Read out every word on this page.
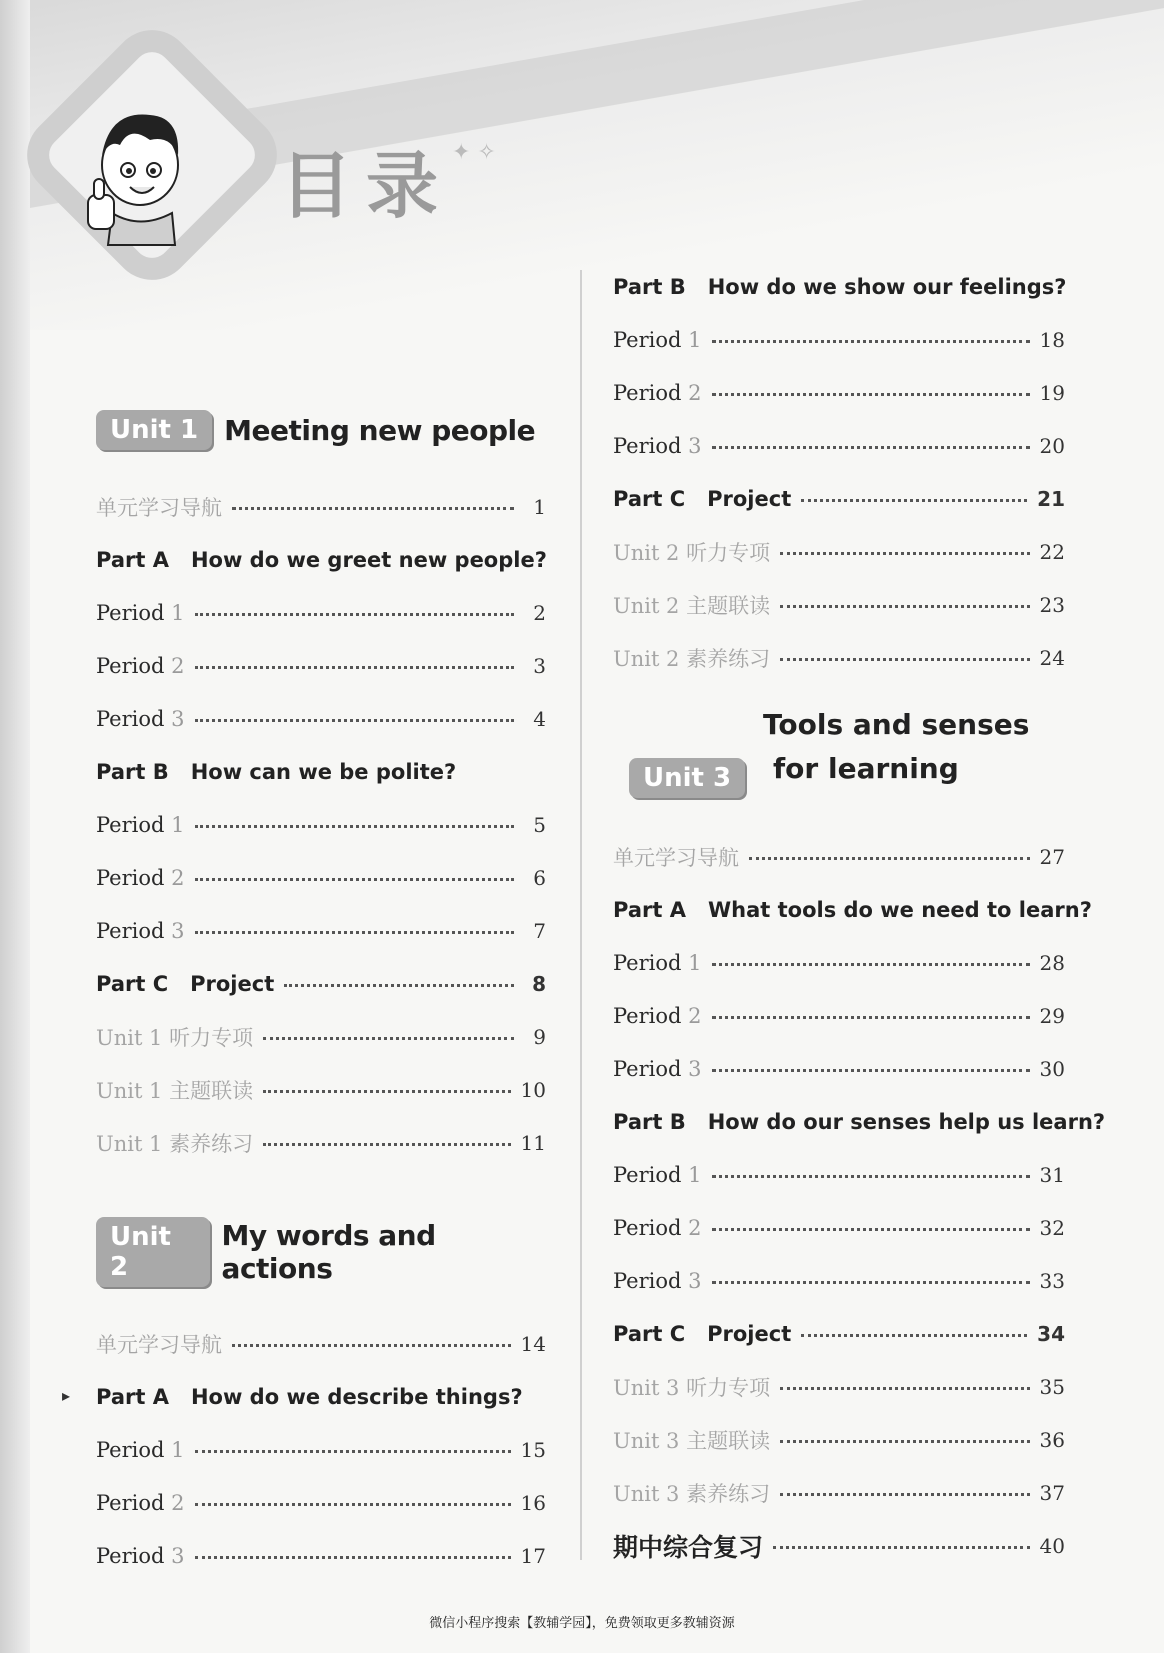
目录 ✦ ✧
Unit 1 Meeting new people
单元学习导航	1
Part A How do we greet new people?
Period 1	2
Period 2	3
Period 3	4
Part B How can we be polite?
Period 1	5
Period 2	6
Period 3	7
Part C Project	8
Unit 1 听力专项	9
Unit 1 主题联读	10
Unit 1 素养练习	11
Unit 2
My words and actions
单元学习导航	14
Part A How do we describe things?
Period 1	15
Period 2	16
Period 3	17
▸
Part B How do we show our feelings?
Period 1	18
Period 2	19
Period 3	20
Part C Project	21
Unit 2 听力专项	22
Unit 2 主题联读	23
Unit 2 素养练习	24
Tools and senses
Unit 3	for learning
单元学习导航	27
Part A What tools do we need to learn?
Period 1	28
Period 2	29
Period 3	30
Part B How do our senses help us learn?
Period 1	31
Period 2	32
Period 3	33
Part C Project	34
Unit 3 听力专项	35
Unit 3 主题联读	36
Unit 3 素养练习	37
期中综合复习	40
微信小程序搜索【教辅学园】，免费领取更多教辅资源
